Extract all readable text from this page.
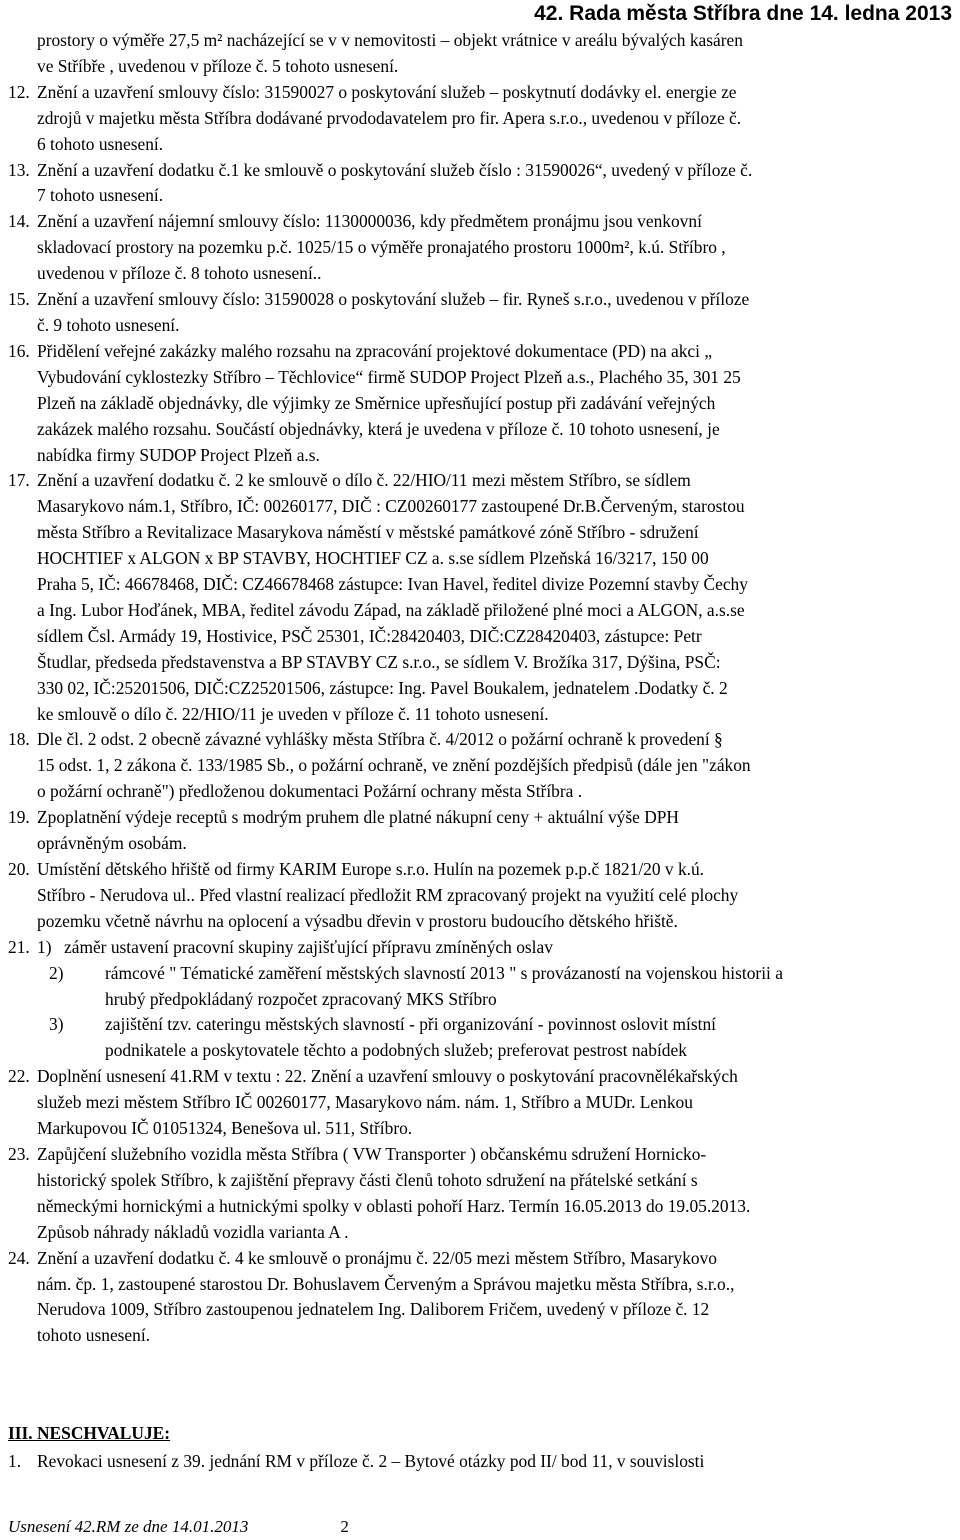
42. Rada města Stříbra dne 14. ledna 2013
prostory o výměře 27,5 m² nacházející se v v nemovitosti – objekt vrátnice v areálu bývalých kasáren
ve Stříbře , uvedenou v příloze č. 5 tohoto usnesení.
12. Znění a uzavření smlouvy číslo: 31590027 o poskytování služeb – poskytnutí dodávky el. energie ze
zdrojů v majetku města Stříbra dodávané prvododavatelem pro fir. Apera s.r.o., uvedenou v příloze č.
6 tohoto usnesení.
13. Znění a uzavření dodatku č.1 ke smlouvě o poskytování služeb číslo : 31590026“, uvedený v příloze č.
7 tohoto usnesení.
14. Znění a uzavření nájemní smlouvy číslo: 1130000036, kdy předmětem pronájmu jsou venkovní
skladovací prostory na pozemku p.č. 1025/15 o výměře pronajatého prostoru 1000m², k.ú. Stříbro ,
uvedenou v příloze č. 8 tohoto usnesení..
15. Znění a uzavření smlouvy číslo: 31590028 o poskytování služeb – fir. Ryneš s.r.o., uvedenou v příloze
č. 9 tohoto usnesení.
16. Přidělení veřejné zakázky malého rozsahu na zpracování projektové dokumentace (PD) na akci „
Vybudování cyklostezky Stříbro – Těchlovice“ firmě SUDOP Project Plzeň a.s., Plachého 35, 301 25
Plzeň na základě objednávky, dle výjimky ze Směrnice upřesňující postup při zadávání veřejných
zakázek malého rozsahu. Součástí objednávky, která je uvedena v příloze č. 10 tohoto usnesení, je
nabídka firmy SUDOP Project Plzeň a.s.
17. Znění a uzavření dodatku č. 2 ke smlouvě o dílo č. 22/HIO/11 mezi městem Stříbro, se sídlem
Masarykovo nám.1, Stříbro, IČ: 00260177, DIČ : CZ00260177 zastoupené Dr.B.Červeným, starostou
města Stříbro a Revitalizace Masarykova náměstí v městské památkové zóně Stříbro - sdružení
HOCHTIEF x ALGON x BP STAVBY, HOCHTIEF CZ a. s.se sídlem Plzeňská 16/3217, 150 00
Praha 5, IČ: 46678468, DIČ: CZ46678468 zástupce: Ivan Havel, ředitel divize Pozemní stavby Čechy
a Ing. Lubor Hoďánek, MBA, ředitel závodu Západ, na základě přiložené plné moci a ALGON, a.s.se
sídlem Čsl. Armády 19, Hostivice, PSČ 25301, IČ:28420403, DIČ:CZ28420403, zástupce: Petr
Študlar, předseda představenstva a BP STAVBY CZ s.r.o., se sídlem V. Brožíka 317, Dýšina, PSČ:
330 02, IČ:25201506, DIČ:CZ25201506, zástupce: Ing. Pavel Boukalem, jednatelem .Dodatky č. 2
ke smlouvě o dílo č. 22/HIO/11 je uveden v příloze č. 11 tohoto usnesení.
18. Dle čl. 2 odst. 2 obecně závazné vyhlášky města Stříbra č. 4/2012 o požární ochraně k provedení §
15 odst. 1, 2 zákona č. 133/1985 Sb., o požární ochraně, ve znění pozdějších předpisů (dále jen "zákon
o požární ochraně") předloženou dokumentaci Požární ochrany města Stříbra .
19. Zpoplatnění výdeje receptů s modrým pruhem dle platné nákupní ceny + aktuální výše DPH
oprávněným osobám.
20. Umístění dětského hřiště od firmy KARIM Europe s.r.o. Hulín na pozemek p.p.č 1821/20 v k.ú.
Stříbro - Nerudova ul.. Před vlastní realizací předložit RM zpracovaný projekt na využití celé plochy
pozemku včetně návrhu na oplocení a výsadbu dřevin v prostoru budoucího dětského hřiště.
21. 1) záměr ustavení pracovní skupiny zajišťující přípravu zmíněných oslav
2)	rámcové " Tématické zaměření městských slavností 2013 " s provázaností na vojenskou historii a
hrubý předpokládaný rozpočet zpracovaný MKS Stříbro
3)	zajištění tzv. cateringu městských slavností - při organizování - povinnost oslovit místní
podnikatele a poskytovatele těchto a podobných služeb; preferovat pestrost nabídek
22. Doplnění usnesení 41.RM v textu : 22. Znění a uzavření smlouvy o poskytování pracovnělékařských
služeb mezi městem Stříbro IČ 00260177, Masarykovo nám. nám. 1, Stříbro a MUDr. Lenkou
Markupovou IČ 01051324, Benešova ul. 511, Stříbro.
23. Zapůjčení služebního vozidla města Stříbra ( VW Transporter ) občanskému sdružení Hornicko-
historický spolek Stříbro, k zajištění přepravy části členů tohoto sdružení na přátelské setkání s
německými hornickými a hutnickými spolky v oblasti pohoří Harz. Termín 16.05.2013 do 19.05.2013.
Způsob náhrady nákladů vozidla varianta A .
24. Znění a uzavření dodatku č. 4 ke smlouvě o pronájmu č. 22/05 mezi městem Stříbro, Masarykovo
nám. čp. 1, zastoupené starostou Dr. Bohuslavem Červeným a Správou majetku města Stříbra, s.r.o.,
Nerudova 1009, Stříbro zastoupenou jednatelem Ing. Daliborem Fričem, uvedený v příloze č. 12
tohoto usnesení.
III. NESCHVALUJE:
1. Revokaci usnesení z 39. jednání RM v příloze č. 2 – Bytové otázky pod II/ bod 11, v souvislosti
Usnesení 42.RM ze dne 14.01.2013	2
